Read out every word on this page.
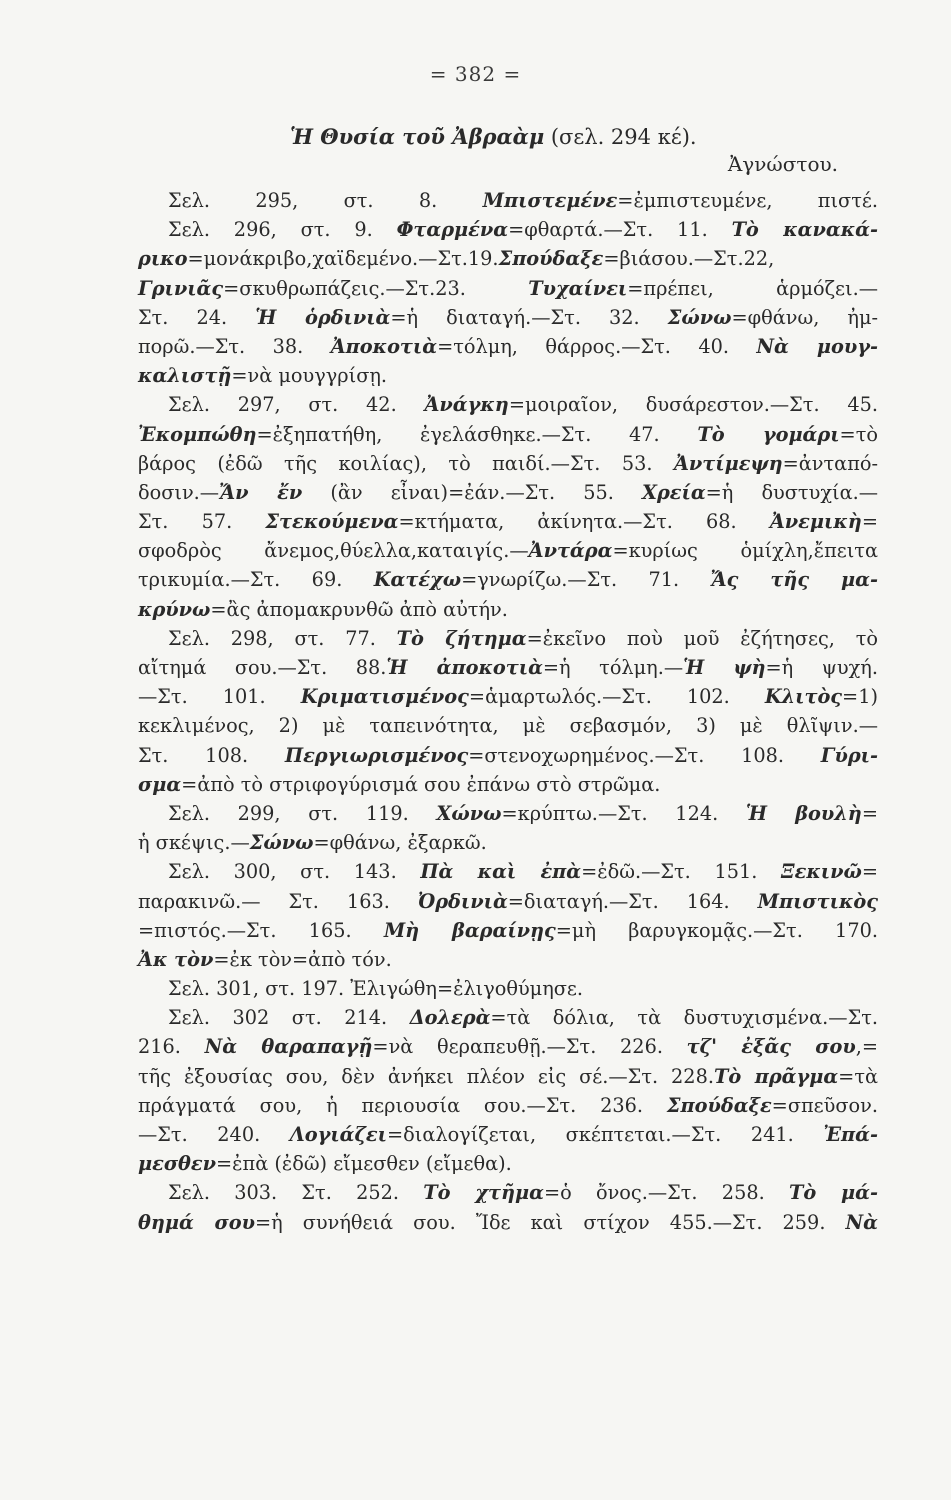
= 382 =
Ἡ Θυσία τοῦ Ἀβραὰμ (σελ. 294 κέ).
Ἀγνώστου.
Σελ. 295, στ. 8. Μπιστεμένε=ἐμπιστευμένε, πιστέ.
Σελ. 296, στ. 9. Φταρμένα=φθαρτά.—Στ. 11. Τὸ κανακά-
ρικο=μονάκριβο,χαϊδεμένο.—Στ.19.Σπούδαξε=βιάσου.—Στ.22,
Γρινιᾶς=σκυθρωπάζεις.—Στ.23. Τυχαίνει=πρέπει, ἁρμόζει.—
Στ. 24. Ἡ ὁρδινιὰ=ἡ διαταγή.—Στ. 32. Σώνω=φθάνω, ἠμ-
πορῶ.—Στ. 38. Ἀποκοτιὰ=τόλμη, θάρρος.—Στ. 40. Νὰ μουγ-
καλιστῇ=νὰ μουγγρίσῃ.
Σελ. 297, στ. 42. Ἀνάγκη=μοιραῖον, δυσάρεστον.—Στ. 45.
Ἐκομπώθη=ἐξηπατήθη, ἐγελάσθηκε.—Στ. 47. Τὸ γομάρι=τὸ
βάρος (ἐδῶ τῆς κοιλίας), τὸ παιδί.—Στ. 53. Ἀντίμεψη=ἀνταπό-
δοσιν.—Ἄν ἔν (ἂν εἶναι)=ἐάν.—Στ. 55. Χρεία=ἡ δυστυχία.—
Στ. 57. Στεκούμενα=κτήματα, ἀκίνητα.—Στ. 68. Ἀνεμικὴ=
σφοδρὸς ἄνεμος,θύελλα,καταιγίς.—Ἀντάρα=κυρίως ὁμίχλη,ἔπειτα
τρικυμία.—Στ. 69. Κατέχω=γνωρίζω.—Στ. 71. Ἄς τῆς μα-
κρύνω=ἂς ἀπομακρυνθῶ ἀπὸ αὐτήν.
Σελ. 298, στ. 77. Τὸ ζήτημα=ἐκεῖνο ποὺ μοῦ ἐζήτησες, τὸ
αἴτημά σου.—Στ. 88.Ἡ ἀποκοτιὰ=ἡ τόλμη.—Ἡ ψὴ=ἡ ψυχή.
—Στ. 101. Κριματισμένος=ἁμαρτωλός.—Στ. 102. Κλιτὸς=1)
κεκλιμένος, 2) μὲ ταπεινότητα, μὲ σεβασμόν, 3) μὲ θλῖψιν.—
Στ. 108. Περγιωρισμένος=στενοχωρημένος.—Στ. 108. Γύρι-
σμα=ἀπὸ τὸ στριφογύρισμά σου ἐπάνω στὸ στρῶμα.
Σελ. 299, στ. 119. Χώνω=κρύπτω.—Στ. 124. Ἡ βουλὴ=
ἡ σκέψις.—Σώνω=φθάνω, ἐξαρκῶ.
Σελ. 300, στ. 143. Πὰ καὶ ἐπὰ=ἐδῶ.—Στ. 151. Ξεκινῶ=
παρακινῶ.— Στ. 163. Ὀρδινιὰ=διαταγή.—Στ. 164. Μπιστικὸς
=πιστός.—Στ. 165. Μὴ βαραίνῃς=μὴ βαρυγκομᾷς.—Στ. 170.
Ἀκ τὸν=ἐκ τὸν=ἀπὸ τόν.
Σελ. 301, στ. 197. Ἐλιγώθη=ἐλιγοθύμησε.
Σελ. 302 στ. 214. Δολερὰ=τὰ δόλια, τὰ δυστυχισμένα.—Στ.
216. Νὰ θαραπαγῇ=νὰ θεραπευθῇ.—Στ. 226. τζ' ἐξᾶς σου,=
τῆς ἐξουσίας σου, δὲν ἀνήκει πλέον εἰς σέ.—Στ. 228.Τὸ πρᾶγμα=τὰ
πράγματά σου, ἡ περιουσία σου.—Στ. 236. Σπούδαξε=σπεῦσον.
—Στ. 240. Λογιάζει=διαλογίζεται, σκέπτεται.—Στ. 241. Ἐπά-
μεσθεν=ἐπὰ (ἐδῶ) εἴμεσθεν (εἴμεθα).
Σελ. 303. Στ. 252. Τὸ χτῆμα=ὁ ὄνος.—Στ. 258. Τὸ μά-
θημά σου=ἡ συνήθειά σου. Ἴδε καὶ στίχον 455.—Στ. 259. Νὰ
